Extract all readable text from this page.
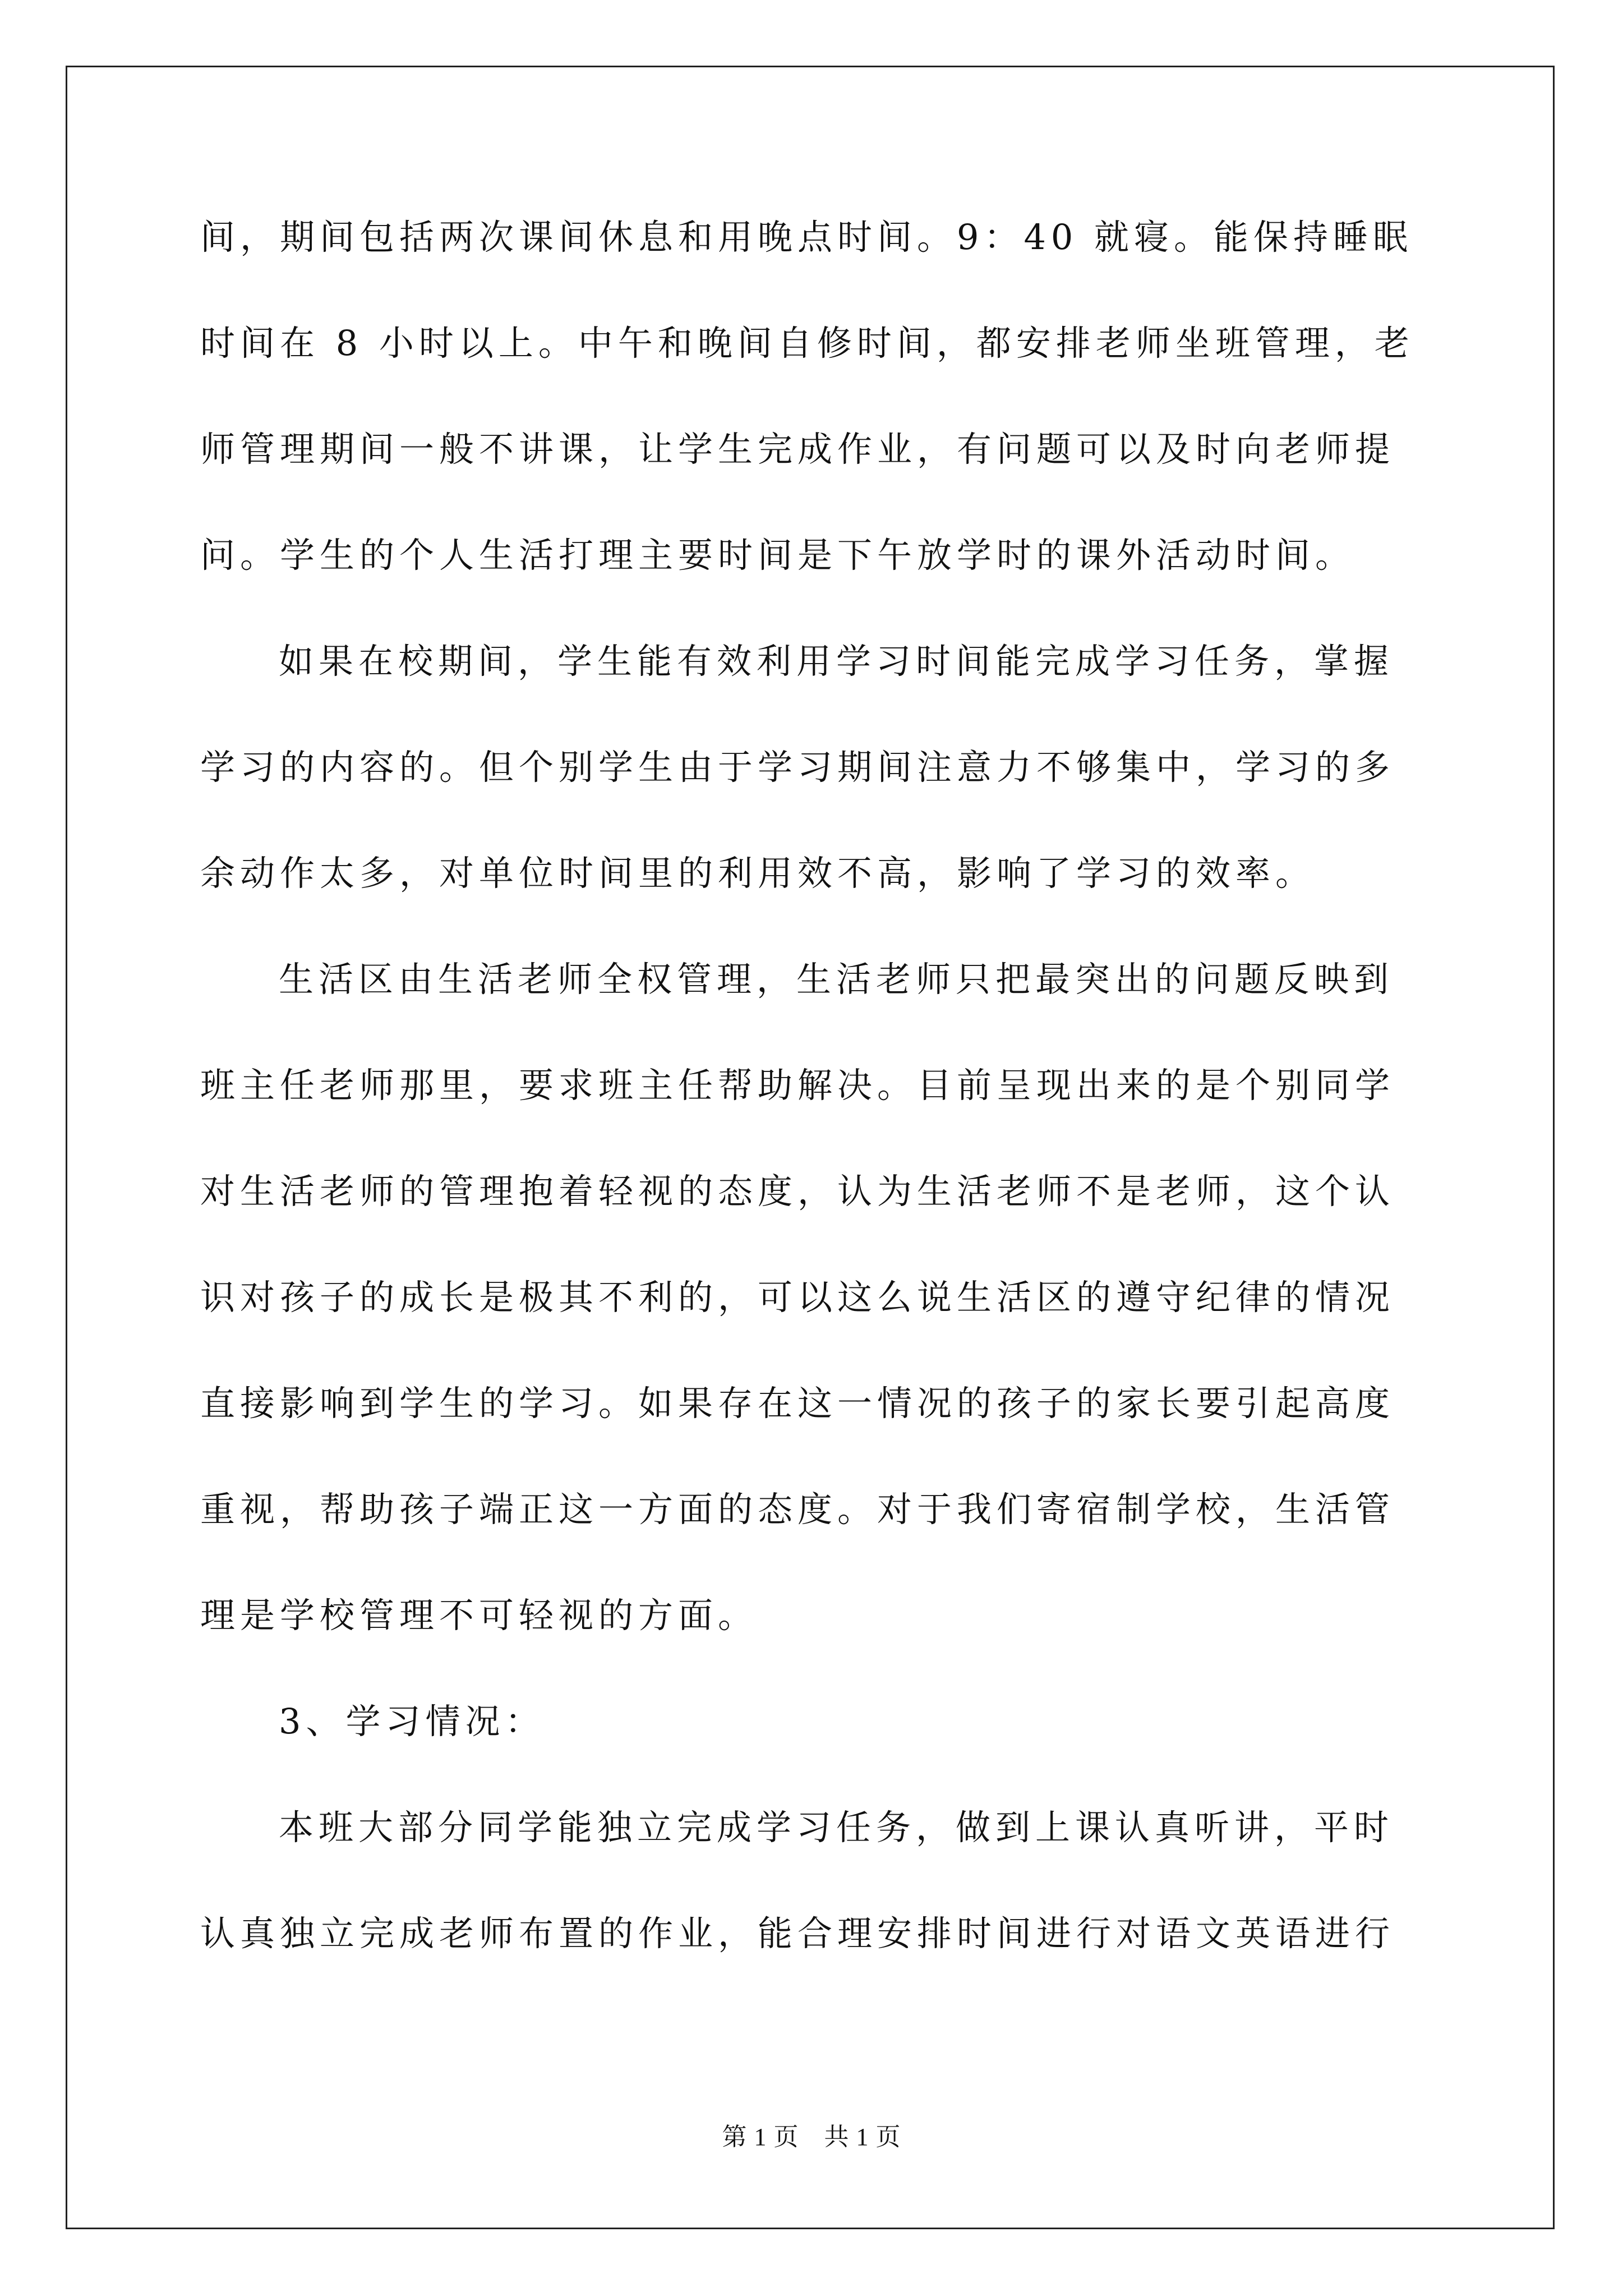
间，期间包括两次课间休息和用晚点时间。9：40 就寝。能保持睡眠
时间在 8 小时以上。中午和晚间自修时间，都安排老师坐班管理，老
师管理期间一般不讲课，让学生完成作业，有问题可以及时向老师提
问。学生的个人生活打理主要时间是下午放学时的课外活动时间。
如果在校期间，学生能有效利用学习时间能完成学习任务，掌握
学习的内容的。但个别学生由于学习期间注意力不够集中，学习的多
余动作太多，对单位时间里的利用效不高，影响了学习的效率。
生活区由生活老师全权管理，生活老师只把最突出的问题反映到
班主任老师那里，要求班主任帮助解决。目前呈现出来的是个别同学
对生活老师的管理抱着轻视的态度，认为生活老师不是老师，这个认
识对孩子的成长是极其不利的，可以这么说生活区的遵守纪律的情况
直接影响到学生的学习。如果存在这一情况的孩子的家长要引起高度
重视，帮助孩子端正这一方面的态度。对于我们寄宿制学校，生活管
理是学校管理不可轻视的方面。
3、学习情况：
本班大部分同学能独立完成学习任务，做到上课认真听讲，平时
认真独立完成老师布置的作业，能合理安排时间进行对语文英语进行
第 1 页　共 1 页
